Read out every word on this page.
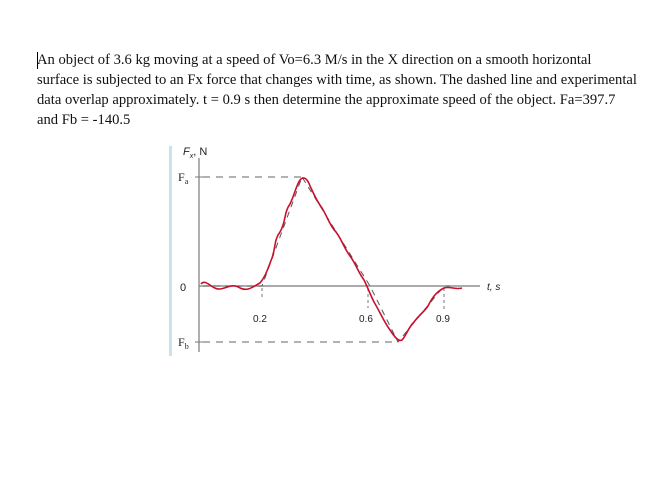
An object of 3.6 kg moving at a speed of Vo=6.3 M/s in the X direction on a smooth horizontal surface is subjected to an Fx force that changes with time, as shown. The dashed line and experimental data overlap approximately. t = 0.9 s then determine the approximate speed of the object. Fa=397.7 and Fb = -140.5

$F_x$, N
$F_a$
0
$F_b$
t, s
0.2	0.6	0.9
